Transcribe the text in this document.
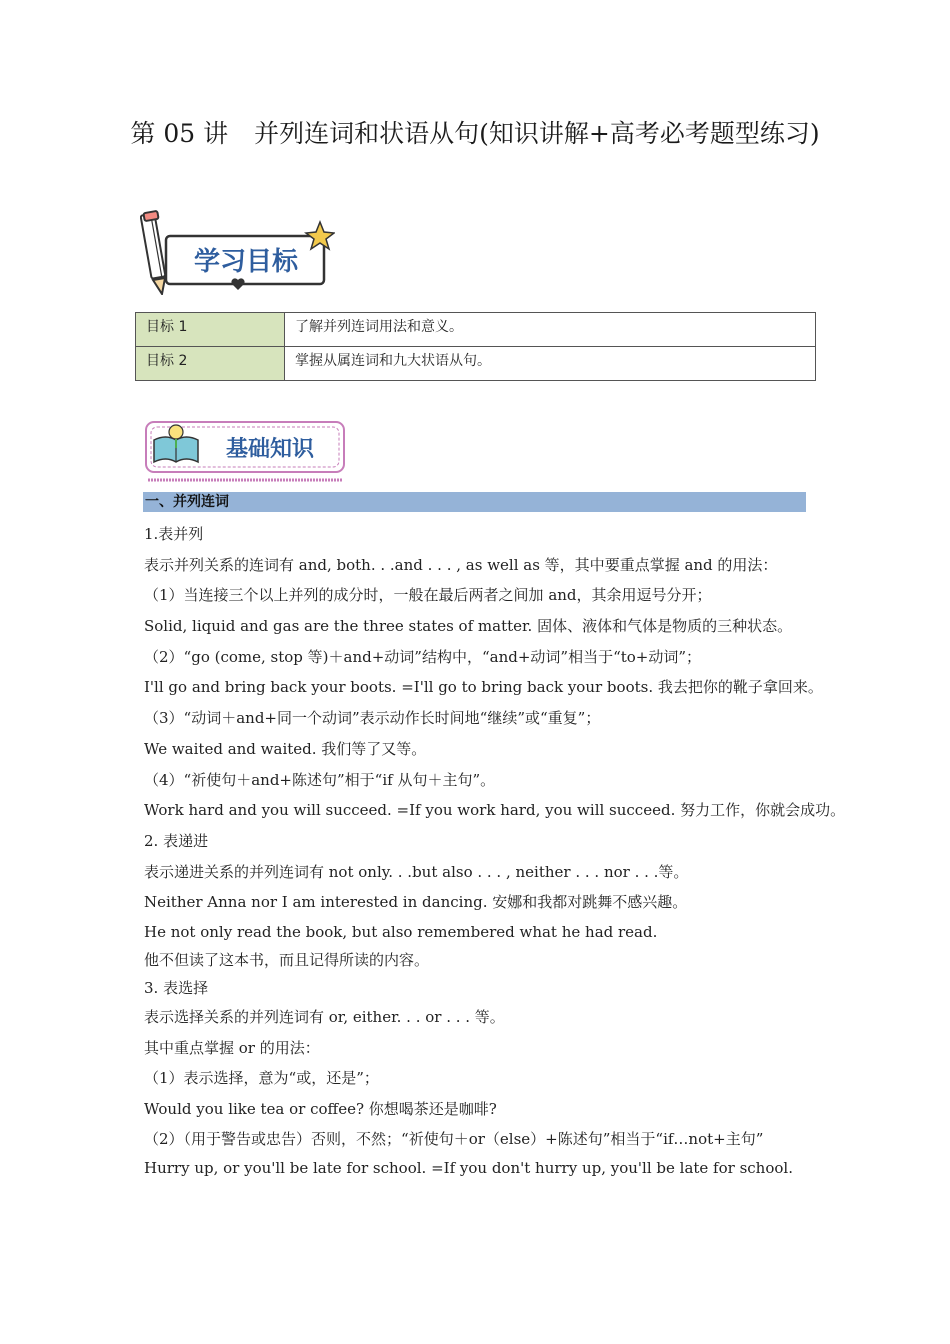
第 05 讲 并列连词和状语从句(知识讲解+高考必考题型练习)
学习目标
目标 1	了解并列连词用法和意义。
目标 2	掌握从属连词和九大状语从句。
基础知识
一、并列连词
1.表并列
表示并列关系的连词有 and, both. . .and . . . , as well as 等，其中要重点掌握 and 的用法：
（1）当连接三个以上并列的成分时，一般在最后两者之间加 and，其余用逗号分开；
Solid, liquid and gas are the three states of matter. 固体、液体和气体是物质的三种状态。
（2）“go (come, stop 等)＋and+动词”结构中，“and+动词”相当于“to+动词”；
I'll go and bring back your boots. =I'll go to bring back your boots. 我去把你的靴子拿回来。
（3）“动词＋and+同一个动词”表示动作长时间地“继续”或“重复”；
We waited and waited. 我们等了又等。
（4）“祈使句＋and+陈述句”相于“if 从句＋主句”。
Work hard and you will succeed. =If you work hard, you will succeed. 努力工作，你就会成功。
2. 表递进
表示递进关系的并列连词有 not only. . .but also . . . , neither . . . nor . . .等。
Neither Anna nor I am interested in dancing. 安娜和我都对跳舞不感兴趣。
He not only read the book, but also remembered what he had read.
他不但读了这本书，而且记得所读的内容。
3. 表选择
表示选择关系的并列连词有 or, either. . . or . . . 等。
其中重点掌握 or 的用法：
（1）表示选择，意为“或，还是”；
Would you like tea or coffee? 你想喝茶还是咖啡?
（2）（用于警告或忠告）否则，不然；“祈使句＋or（else）+陈述句”相当于“if…not+主句”
Hurry up, or you'll be late for school. =If you don't hurry up, you'll be late for school.
